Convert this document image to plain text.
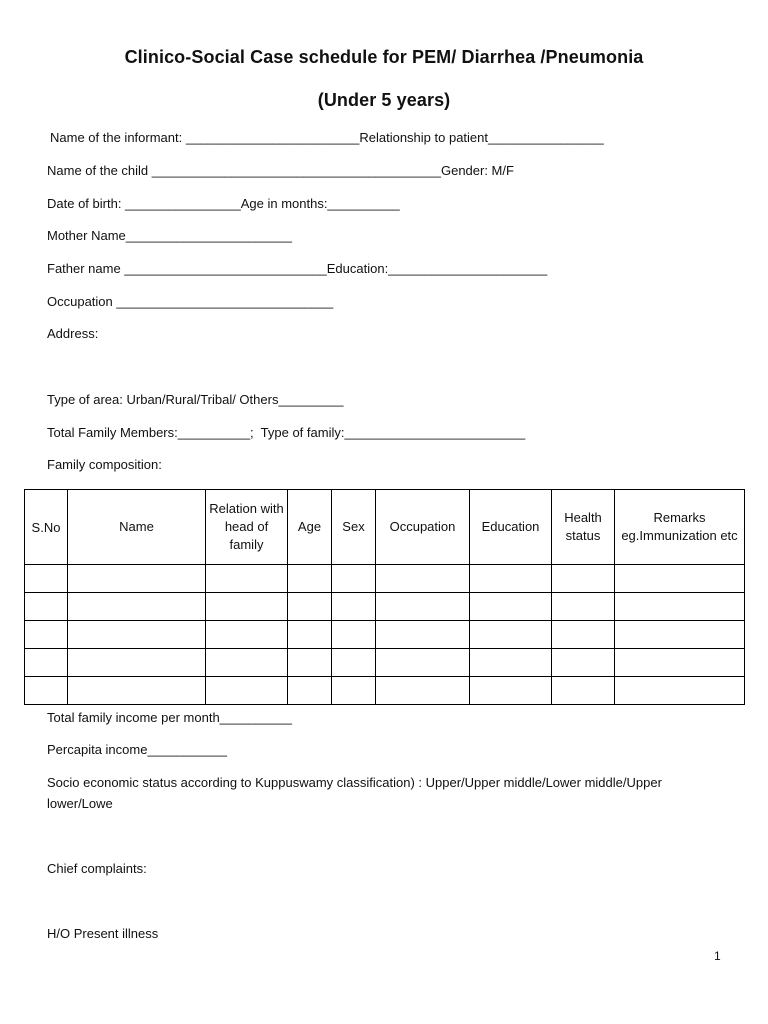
Clinico-Social Case schedule for PEM/ Diarrhea /Pneumonia
(Under 5 years)
Name of the informant: ________________________Relationship to patient________________
Name of the child ________________________________________Gender: M/F
Date of birth: ________________Age in months:__________
Mother Name_______________________
Father name ____________________________Education:______________________
Occupation ______________________________
Address:
Type of area: Urban/Rural/Tribal/ Others_________
Total Family Members:__________;  Type of family:_________________________
Family composition:
S.No	Name	Relation with head of family	Age	Sex	Occupation	Education	Health status	Remarks eg.Immunization etc

Total family income per month__________
Percapita income___________
Socio economic status according to Kuppuswamy classification) : Upper/Upper middle/Lower middle/Upper lower/Lowe
Chief complaints:
H/O Present illness
1
